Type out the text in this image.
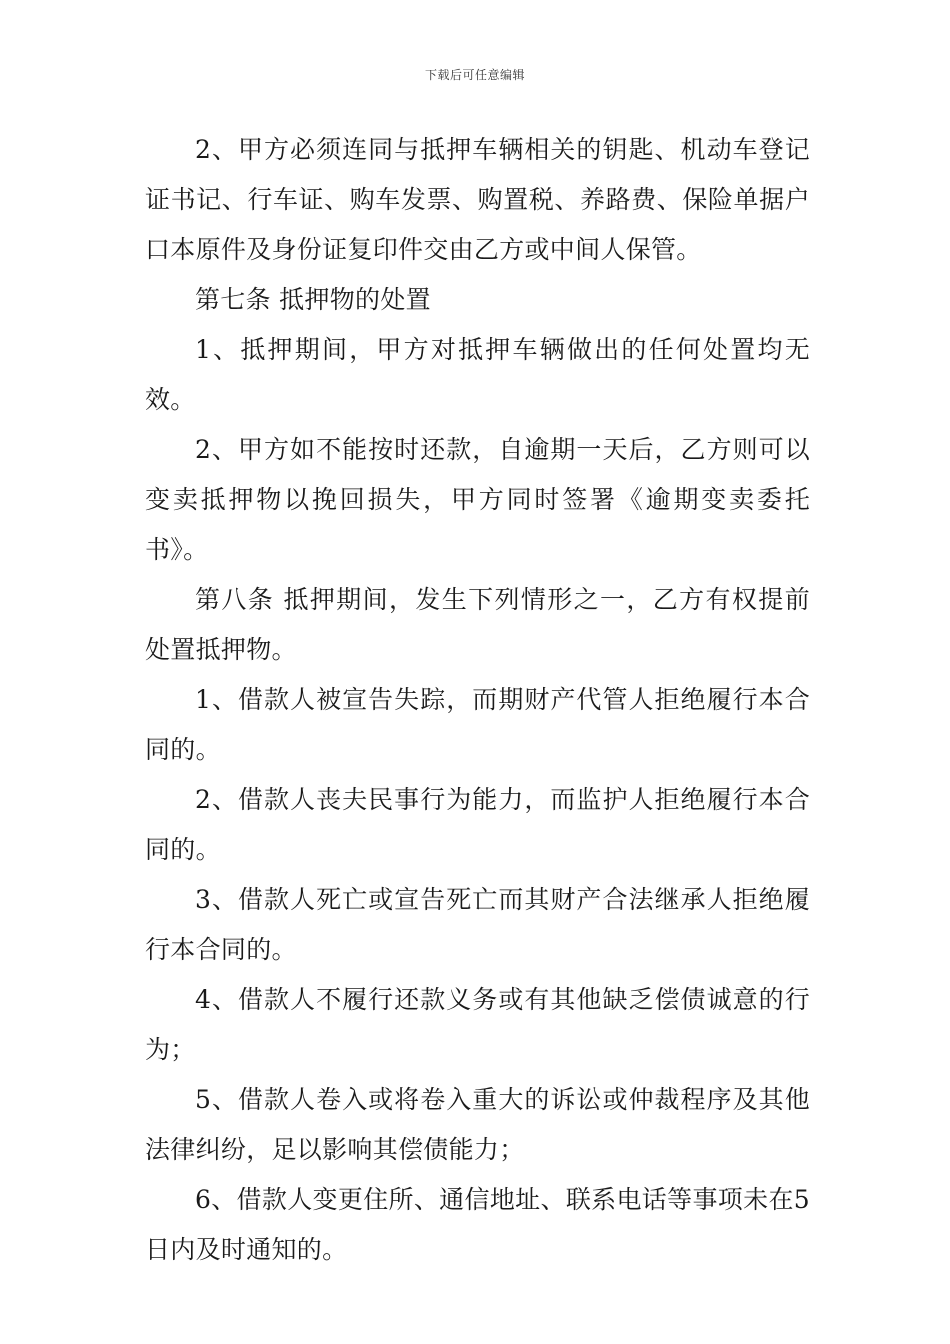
下载后可任意编辑

2、甲方必须连同与抵押车辆相关的钥匙、机动车登记证书记、行车证、购车发票、购置税、养路费、保险单据户口本原件及身份证复印件交由乙方或中间人保管。

第七条 抵押物的处置

1、抵押期间，甲方对抵押车辆做出的任何处置均无效。

2、甲方如不能按时还款，自逾期一天后，乙方则可以变卖抵押物以挽回损失，甲方同时签署《逾期变卖委托书》。

第八条 抵押期间，发生下列情形之一，乙方有权提前处置抵押物。

1、借款人被宣告失踪，而期财产代管人拒绝履行本合同的。

2、借款人丧夫民事行为能力，而监护人拒绝履行本合同的。

3、借款人死亡或宣告死亡而其财产合法继承人拒绝履行本合同的。

4、借款人不履行还款义务或有其他缺乏偿债诚意的行为；

5、借款人卷入或将卷入重大的诉讼或仲裁程序及其他法律纠纷，足以影响其偿债能力；

6、借款人变更住所、通信地址、联系电话等事项未在5日内及时通知的。
